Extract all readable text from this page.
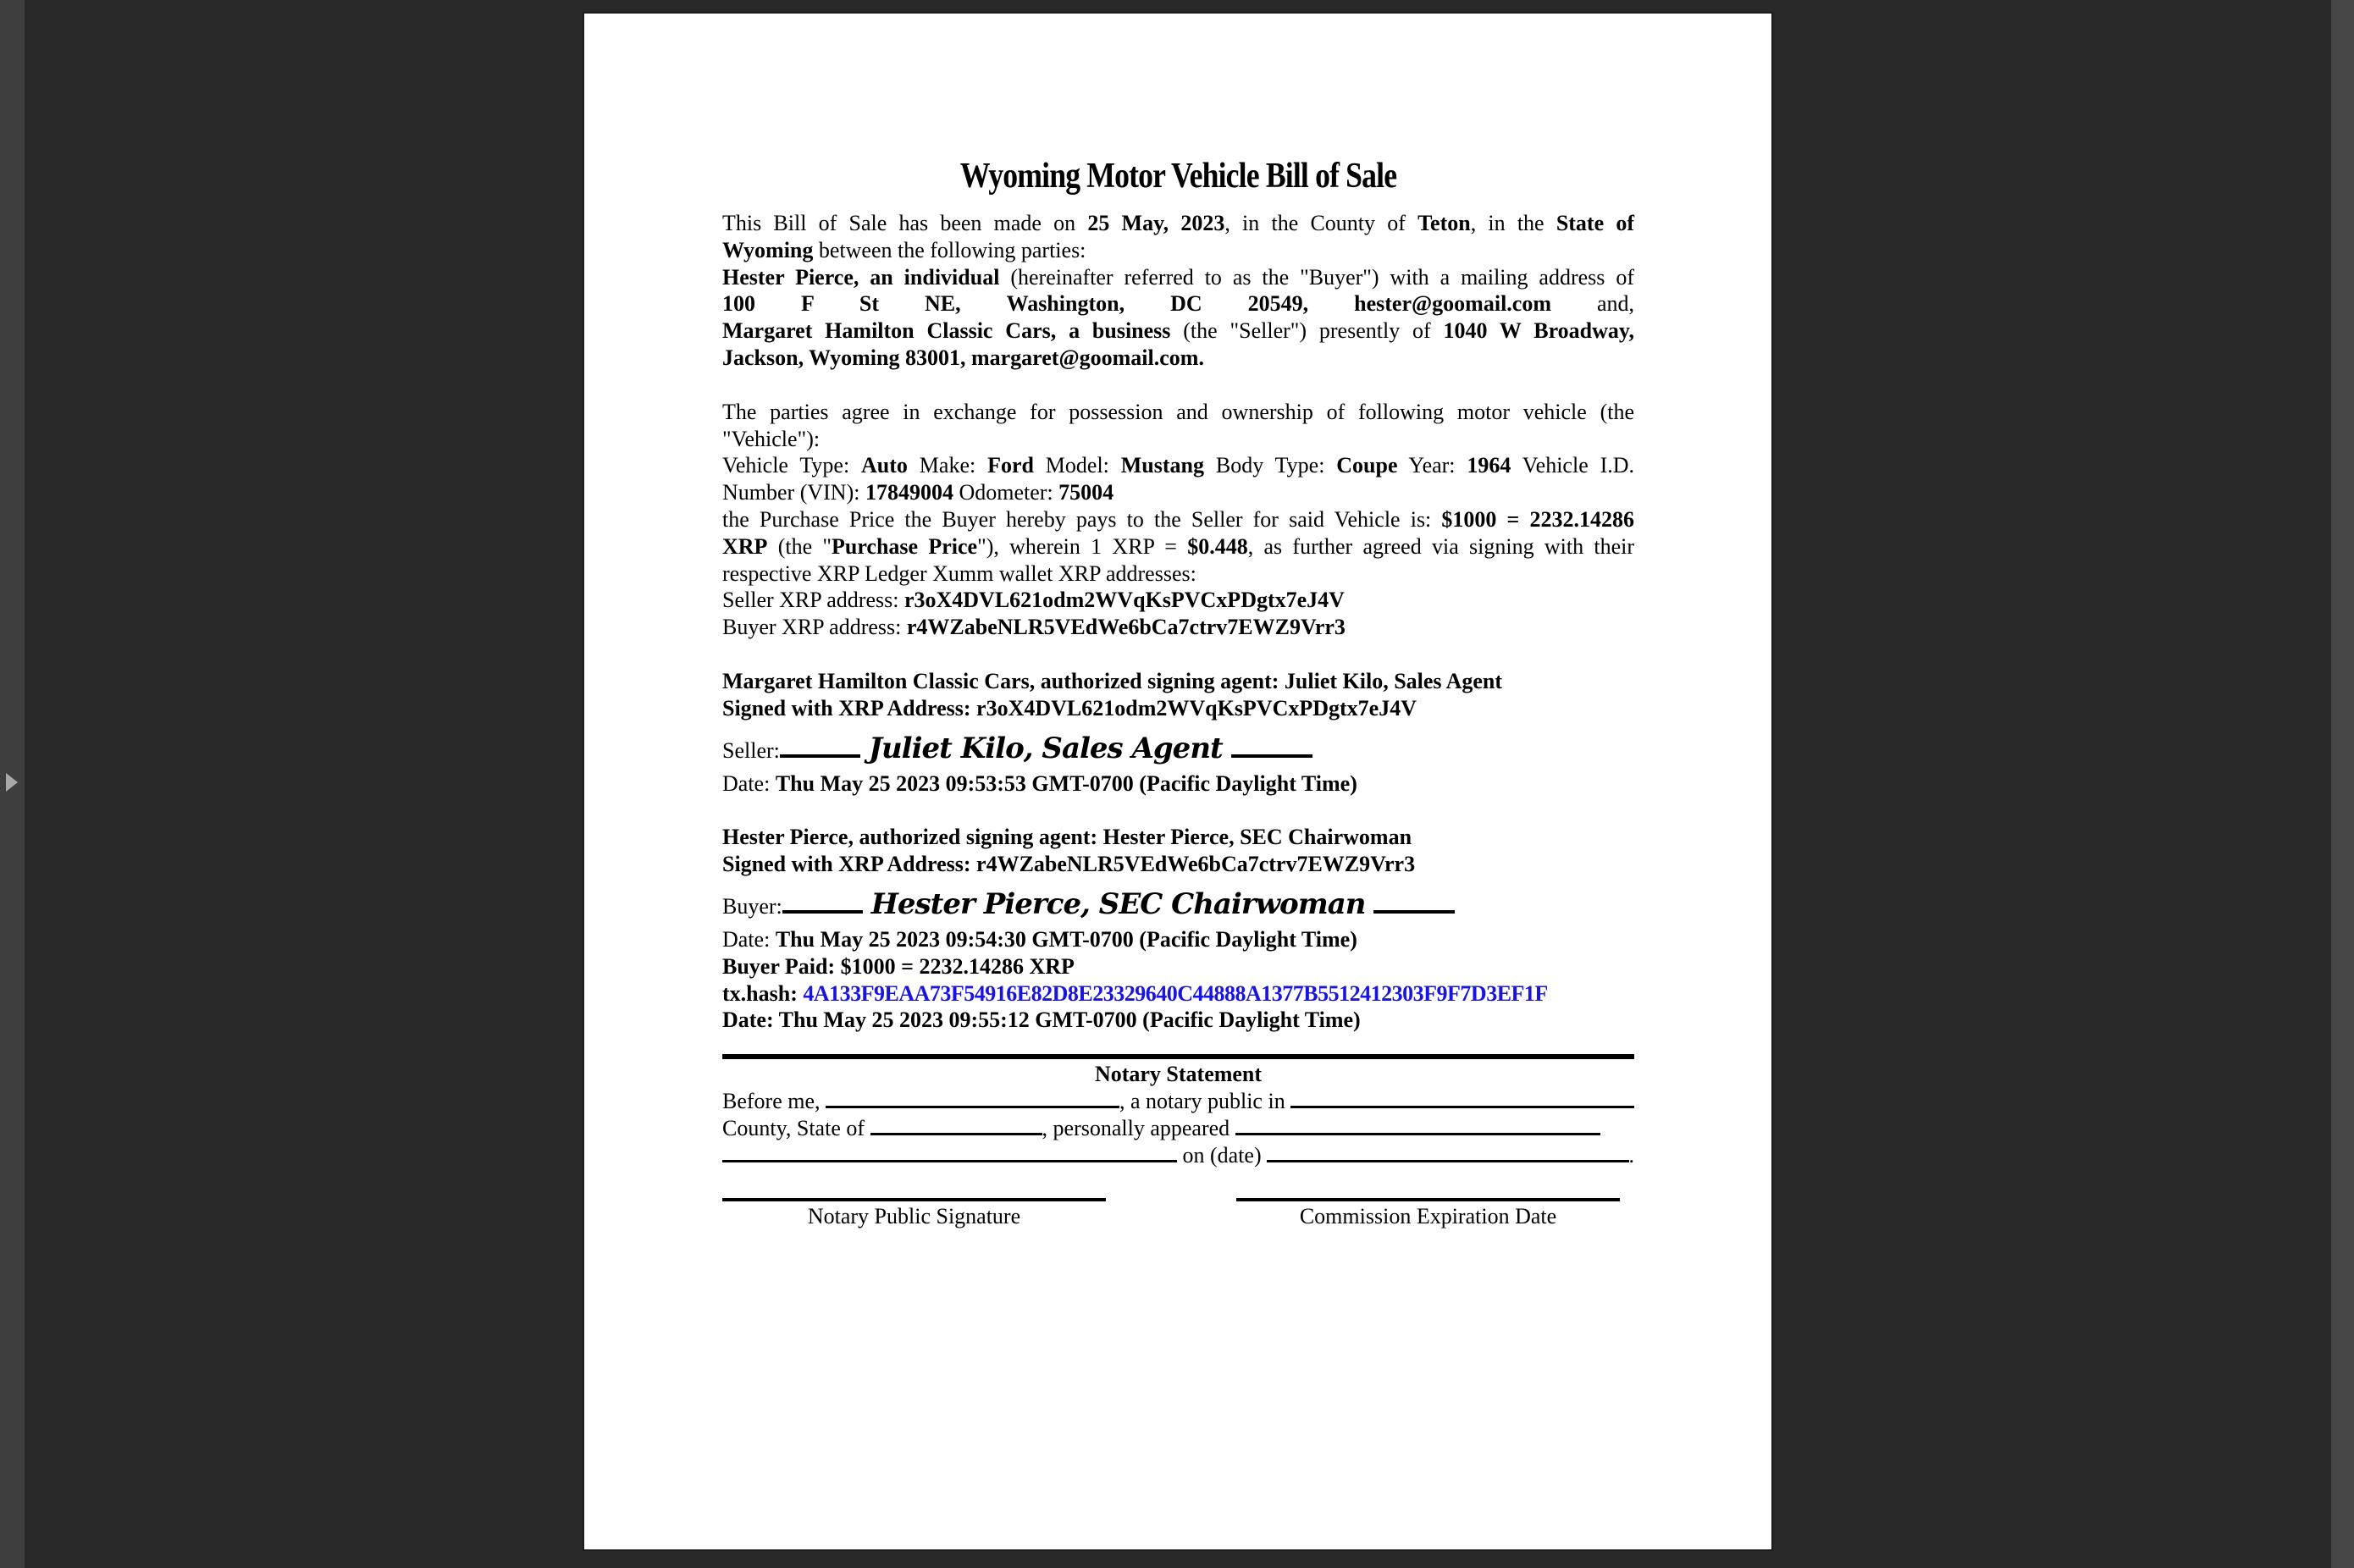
Wyoming Motor Vehicle Bill of Sale
This Bill of Sale has been made on 25 May, 2023, in the County of Teton, in the State of
Wyoming between the following parties:
Hester Pierce, an individual (hereinafter referred to as the "Buyer") with a mailing address of
100 F St NE, Washington, DC 20549, hester@goomail.com and,
Margaret Hamilton Classic Cars, a business (the "Seller") presently of 1040 W Broadway,
Jackson, Wyoming 83001, margaret@goomail.com.
The parties agree in exchange for possession and ownership of following motor vehicle (the
"Vehicle"):
Vehicle Type: Auto Make: Ford Model: Mustang Body Type: Coupe Year: 1964 Vehicle I.D.
Number (VIN): 17849004 Odometer: 75004
the Purchase Price the Buyer hereby pays to the Seller for said Vehicle is: $1000 = 2232.14286
XRP (the "Purchase Price"), wherein 1 XRP = $0.448, as further agreed via signing with their
respective XRP Ledger Xumm wallet XRP addresses:
Seller XRP address: r3oX4DVL621odm2WVqKsPVCxPDgtx7eJ4V
Buyer XRP address: r4WZabeNLR5VEdWe6bCa7ctrv7EWZ9Vrr3
Margaret Hamilton Classic Cars, authorized signing agent: Juliet Kilo, Sales Agent
Signed with XRP Address: r3oX4DVL621odm2WVqKsPVCxPDgtx7eJ4V
Seller:	Juliet Kilo, Sales Agent
Date: Thu May 25 2023 09:53:53 GMT-0700 (Pacific Daylight Time)
Hester Pierce, authorized signing agent: Hester Pierce, SEC Chairwoman
Signed with XRP Address: r4WZabeNLR5VEdWe6bCa7ctrv7EWZ9Vrr3
Buyer:	Hester Pierce, SEC Chairwoman
Date: Thu May 25 2023 09:54:30 GMT-0700 (Pacific Daylight Time)
Buyer Paid: $1000 = 2232.14286 XRP
tx.hash: 4A133F9EAA73F54916E82D8E23329640C44888A1377B5512412303F9F7D3EF1F
Date: Thu May 25 2023 09:55:12 GMT-0700 (Pacific Daylight Time)
Notary Statement
Before me,	, a notary public in
County, State of	, personally appeared
on (date)	.
Notary Public Signature	Commission Expiration Date
